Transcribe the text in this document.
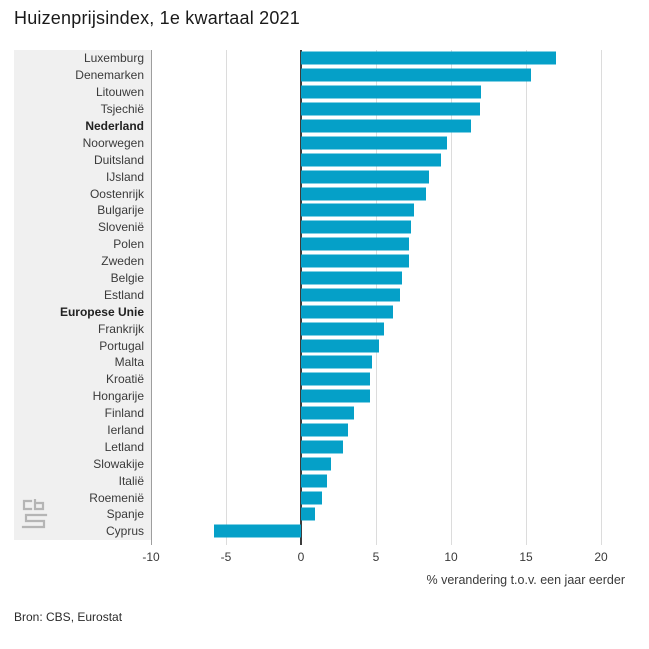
Huizenprijsindex, 1e kwartaal 2021
Luxemburg
Denemarken
Litouwen
Tsjechië
Nederland
Noorwegen
Duitsland
IJsland
Oostenrijk
Bulgarije
Slovenië
Polen
Zweden
Belgie
Estland
Europese Unie
Frankrijk
Portugal
Malta
Kroatië
Hongarije
Finland
Ierland
Letland
Slowakije
Italië
Roemenië
Spanje
Cyprus
-10	-5	0	5	10	15	20
% verandering t.o.v. een jaar eerder
Bron: CBS, Eurostat
